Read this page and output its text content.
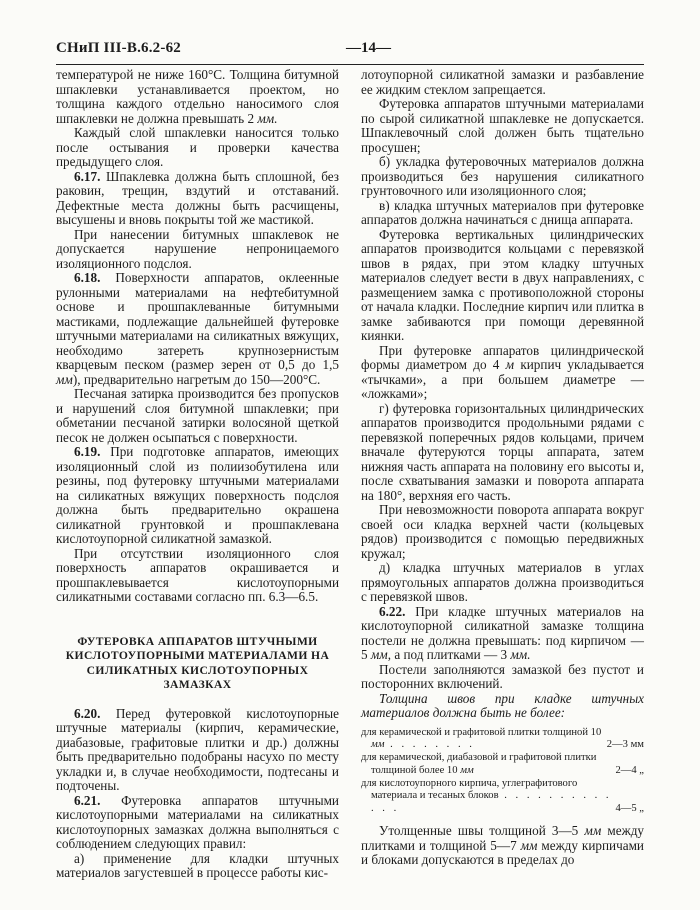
СНиП III-В.6.2-62	—14—

температурой не ниже 160°С. Толщина битумной шпаклевки устанавливается проектом, но толщина каждого отдельно наносимого слоя шпаклевки не должна превышать 2 мм.

Каждый слой шпаклевки наносится только после остывания и проверки качества предыдущего слоя.

6.17. Шпаклевка должна быть сплошной, без раковин, трещин, вздутий и отставаний. Дефектные места должны быть расчищены, высушены и вновь покрыты той же мастикой.

При нанесении битумных шпаклевок не допускается нарушение непроницаемого изоляционного подслоя.

6.18. Поверхности аппаратов, оклеенные рулонными материалами на нефтебитумной основе и прошпаклеванные битумными мастиками, подлежащие дальнейшей футеровке штучными материалами на силикатных вяжущих, необходимо затереть крупнозернистым кварцевым песком (размер зерен от 0,5 до 1,5 мм), предварительно нагретым до 150—200°С.

Песчаная затирка производится без пропусков и нарушений слоя битумной шпаклевки; при обметании песчаной затирки волосяной щеткой песок не должен осыпаться с поверхности.

6.19. При подготовке аппаратов, имеющих изоляционный слой из полиизобутилена или резины, под футеровку штучными материалами на силикатных вяжущих поверхность подслоя должна быть предварительно окрашена силикатной грунтовкой и прошпаклевана кислотоупорной силикатной замазкой.

При отсутствии изоляционного слоя поверхность аппаратов окрашивается и прошпаклевывается кислотоупорными силикатными составами согласно пп. 6.3—6.5.

ФУТЕРОВКА АППАРАТОВ ШТУЧНЫМИ КИСЛОТОУПОРНЫМИ МАТЕРИАЛАМИ НА СИЛИКАТНЫХ КИСЛОТОУПОРНЫХ ЗАМАЗКАХ

6.20. Перед футеровкой кислотоупорные штучные материалы (кирпич, керамические, диабазовые, графитовые плитки и др.) должны быть предварительно подобраны насухо по месту укладки и, в случае необходимости, подтесаны и подточены.

6.21. Футеровка аппаратов штучными кислотоупорными материалами на силикатных кислотоупорных замазках должна выполняться с соблюдением следующих правил:

а) применение для кладки штучных материалов загустевшей в процессе работы кис-

лотоупорной силикатной замазки и разбавление ее жидким стеклом запрещается.

Футеровка аппаратов штучными материалами по сырой силикатной шпаклевке не допускается. Шпаклевочный слой должен быть тщательно просушен;

б) укладка футеровочных материалов должна производиться без нарушения силикатного грунтовочного или изоляционного слоя;

в) кладка штучных материалов при футеровке аппаратов должна начинаться с днища аппарата.

Футеровка вертикальных цилиндрических аппаратов производится кольцами с перевязкой швов в рядах, при этом кладку штучных материалов следует вести в двух направлениях, с размещением замка с противоположной стороны от начала кладки. Последние кирпич или плитка в замке забиваются при помощи деревянной киянки.

При футеровке аппаратов цилиндрической формы диаметром до 4 м кирпич укладывается «тычками», а при большем диаметре — «ложками»;

г) футеровка горизонтальных цилиндрических аппаратов производится продольными рядами с перевязкой поперечных рядов кольцами, причем вначале футеруются торцы аппарата, затем нижняя часть аппарата на половину его высоты и, после схватывания замазки и поворота аппарата на 180°, верхняя его часть.

При невозможности поворота аппарата вокруг своей оси кладка верхней части (кольцевых рядов) производится с помощью передвижных кружал;

д) кладка штучных материалов в углах прямоугольных аппаратов должна производиться с перевязкой швов.

6.22. При кладке штучных материалов на кислотоупорной силикатной замазке толщина постели не должна превышать: под кирпичом — 5 мм, а под плитками — 3 мм.

Постели заполняются замазкой без пустот и посторонних включений.

Толщина швов при кладке штучных материалов должна быть не более:

для керамической и графитовой плитки толщиной 10 мм . . . . . . . .	2—3 мм
для керамической, диабазовой и графитовой плитки толщиной более 10 мм	2—4 „
для кислотоупорного кирпича, углеграфитового материала и тесаных блоков . . . . . . . . . . . . .	4—5 „

Утолщенные швы толщиной 3—5 мм между плитками и толщиной 5—7 мм между кирпичами и блоками допускаются в пределах до
